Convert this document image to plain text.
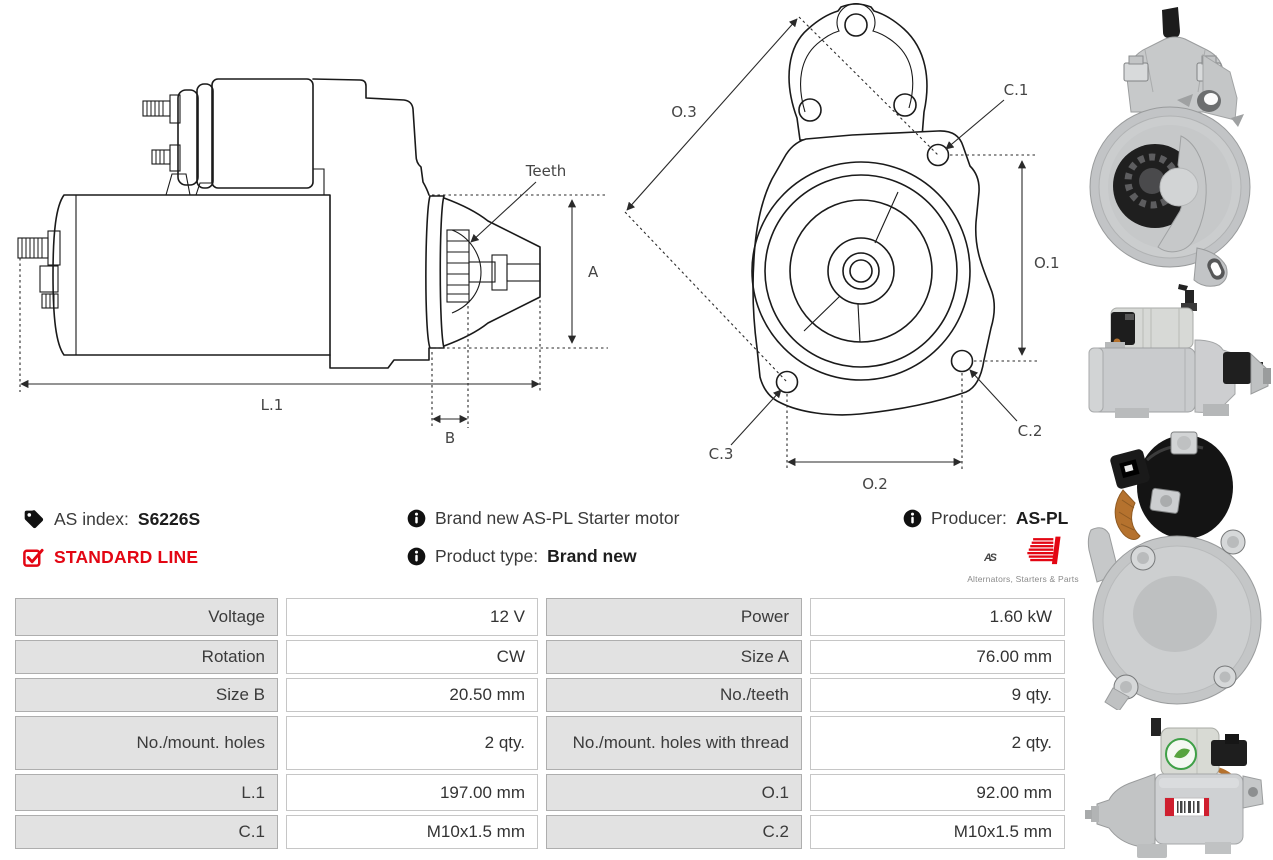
Teeth
A
L.1
B
O.3
C.1
O.1
C.2
C.3
O.2
AS index: S6226S
STANDARD LINE
Brand new AS-PL Starter motor
Product type: Brand new
Producer: AS-PL
AS
Alternators, Starters & Parts
Voltage	12 V	Power	1.60 kW
Rotation	CW	Size A	76.00 mm
Size B	20.50 mm	No./teeth	9 qty.
No./mount. holes	2 qty.	No./mount. holes with thread	2 qty.
L.1	197.00 mm	O.1	92.00 mm
C.1	M10x1.5 mm	C.2	M10x1.5 mm
